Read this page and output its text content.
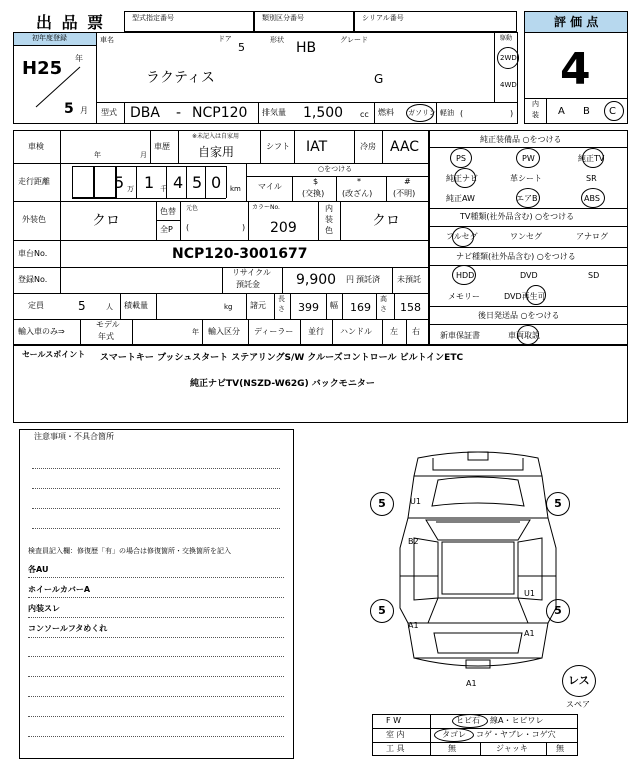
出 品 票	型式指定番号	類別区分番号	シリアル番号
初年度登録
H25 年
5 月
車名	ドア
5
形状 HB	グレード
ラクティス	G
駆動
2WD
4WD
型式 DBA - NCP120 排気量 1,500 cc 燃料 ガソリン 軽油 (	)
評 価 点
4
内
装 A B C
車検
年	月
車歴
※未記入は自家用
自家用	シフト IAT	冷房 AAC
走行距離	5 万 1 千 4 5 0 km
○をつける
マイル
$
(交換)
*
(改ざん)
#
(不明)
外装色	クロ
色替
全P
元色
(	)
カラーNo.
209
内
装
色
クロ
車台No.	NCP120-3001677
登録No.
リサイクル
預託金	9,900 円 預託済 未預託
定員	5	人 積載量	kg 諸元
長
さ 399 幅 169
高
さ 158
輸入車のみ⇒
モデル
年式	年 輸入区分 ディーラー 並行 ハンドル 左 右
純正装備品 ○をつける
PS	PW	純正TV
純正ナビ	革シート	SR
純正AW	エアB	ABS
TV種類(社外品含む) ○をつける
フルセグ	ワンセグ	アナログ
ナビ種類(社外品含む) ○をつける
HDD	DVD	SD
メモリー	DVD再生可
後日発送品 ○をつける
新車保証書	車両取説
セールスポイント スマートキー ブッシュスタート ステアリングS/W クルーズコントロール ビルトインETC
純正ナビTV(NSZD-W62G) バックモニター
注意事項・不具合箇所
検査員記入欄：修復歴「有」の場合は修復箇所・交換箇所を記入
各AU
ホイールカバーA
内装スレ
コンソールフタめくれ
5	5
5	5
U1
B2
U1
A1
A1
A1	レス
スペア
F W	ヒビ石 線A・ヒビワレ
室 内	タゴレ コゲ・ヤブレ・コゲ穴
工 具	無	ジャッキ	無
